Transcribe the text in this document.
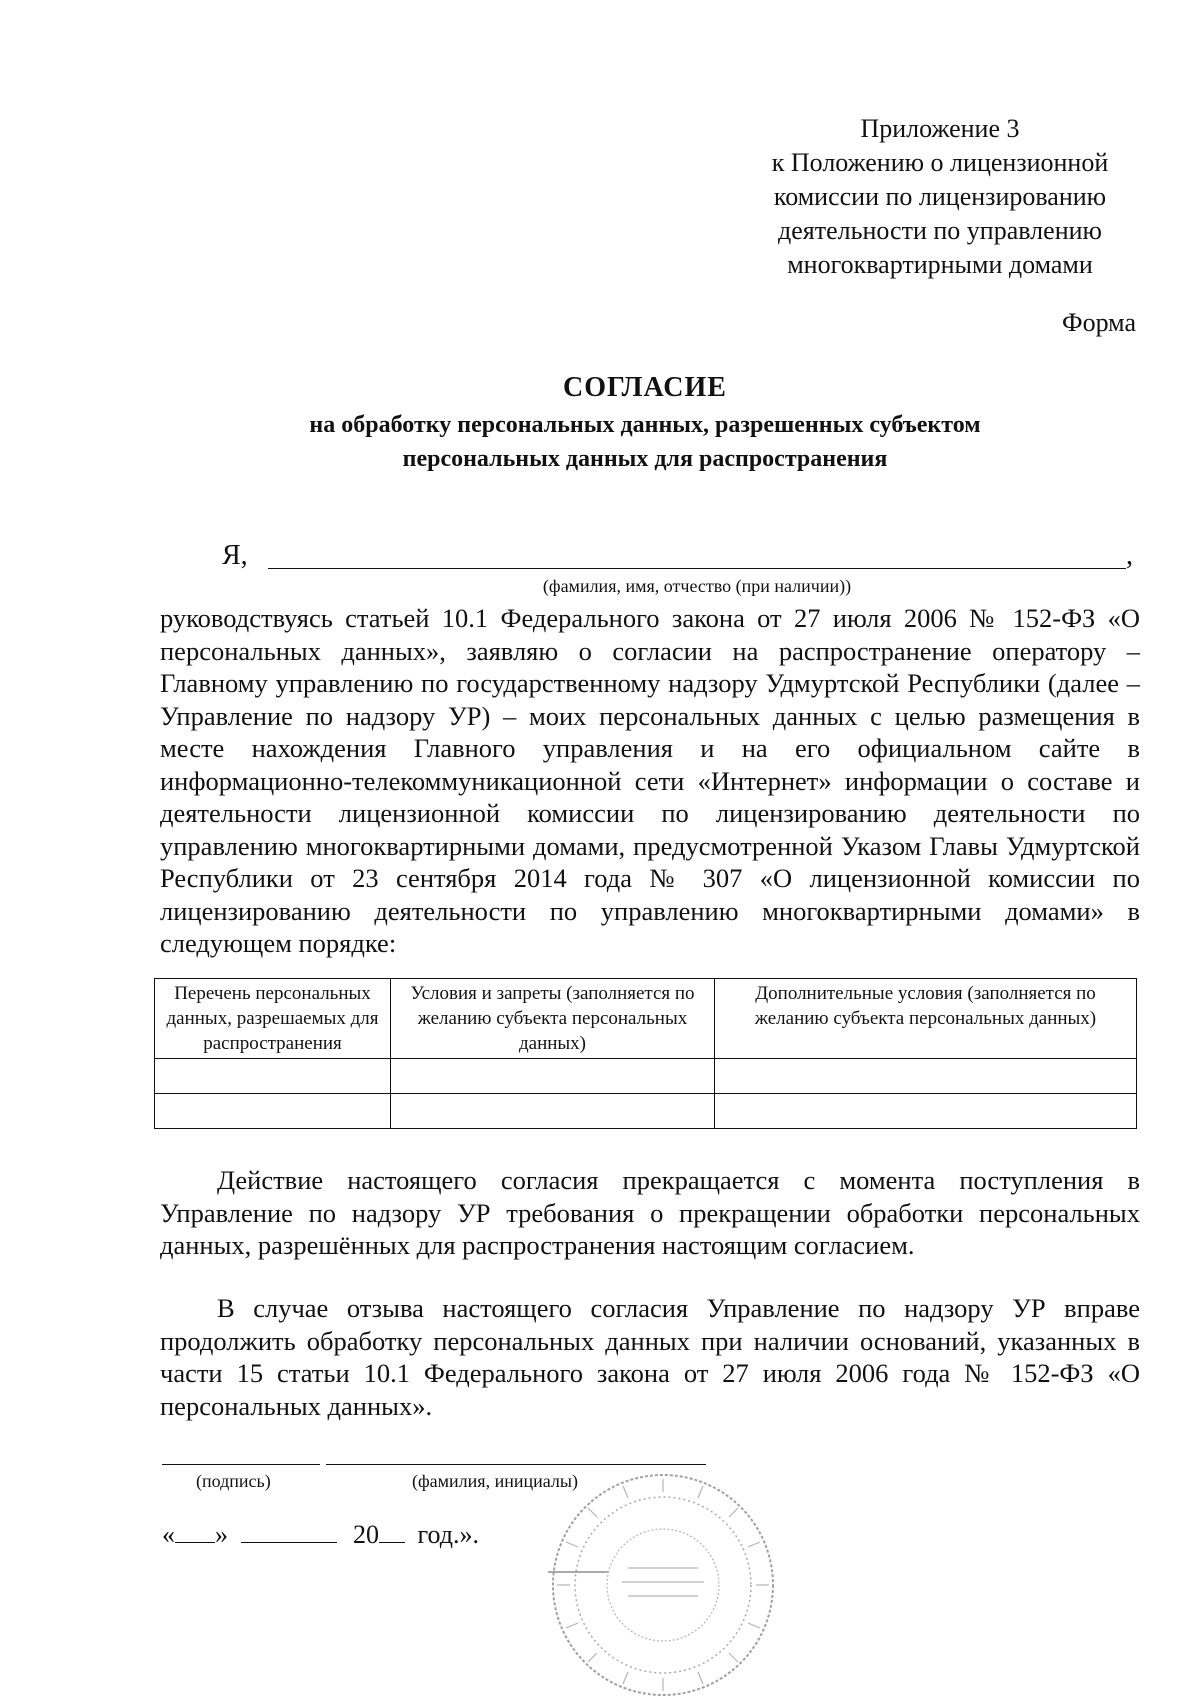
Приложение 3
к Положению о лицензионной
комиссии по лицензированию
деятельности по управлению
многоквартирными домами
Форма
СОГЛАСИЕ
на обработку персональных данных, разрешенных субъектом
персональных данных для распространения
Я,	,
(фамилия, имя, отчество (при наличии))
руководствуясь статьей 10.1 Федерального закона от 27 июля 2006 № 152-ФЗ «О персональных данных», заявляю о согласии на распространение оператору – Главному управлению по государственному надзору Удмуртской Республики (далее – Управление по надзору УР) – моих персональных данных с целью размещения в месте нахождения Главного управления и на его официальном сайте в информационно-телекоммуникационной сети «Интернет» информации о составе и деятельности лицензионной комиссии по лицензированию деятельности по управлению многоквартирными домами, предусмотренной Указом Главы Удмуртской Республики от 23 сентября 2014 года № 307 «О лицензионной комиссии по лицензированию деятельности по управлению многоквартирными домами» в следующем порядке:
Перечень персональных данных, разрешаемых для распространения	Условия и запреты (заполняется по желанию субъекта персональных данных)	Дополнительные условия (заполняется по желанию субъекта персональных данных)

Действие настоящего согласия прекращается с момента поступления в Управление по надзору УР требования о прекращении обработки персональных данных, разрешённых для распространения настоящим согласием.
В случае отзыва настоящего согласия Управление по надзору УР вправе продолжить обработку персональных данных при наличии оснований, указанных в части 15 статьи 10.1 Федерального закона от 27 июля 2006 года № 152-ФЗ «О персональных данных».
(подпись)	(фамилия, инициалы)
« »	20 год.».
